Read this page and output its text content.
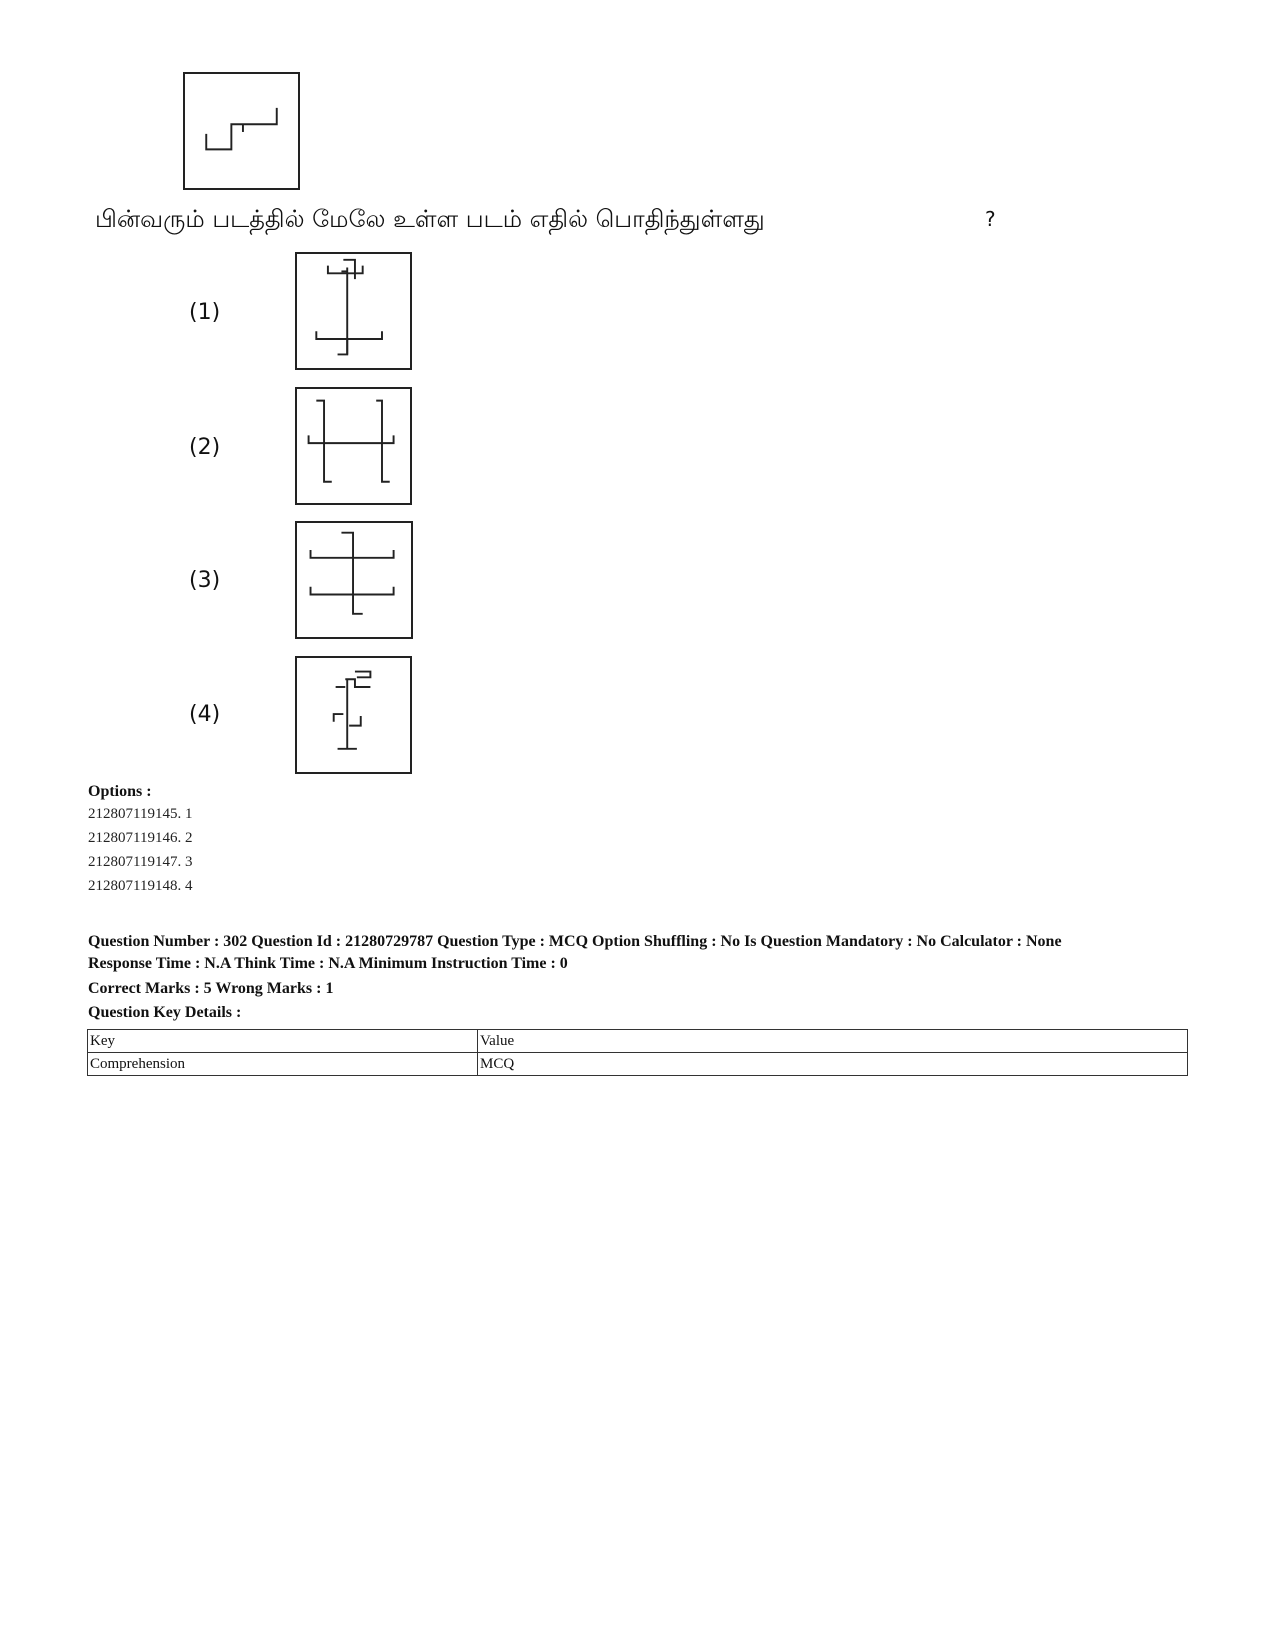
பின்வரும் படத்தில் மேலே உள்ள படம் எதில் பொதிந்துள்ளது	?
(1)
(2)
(3)
(4)
Options :
212807119145. 1
212807119146. 2
212807119147. 3
212807119148. 4
Question Number : 302 Question Id : 21280729787 Question Type : MCQ Option Shuffling : No Is Question Mandatory : No Calculator : None
Response Time : N.A Think Time : N.A Minimum Instruction Time : 0
Correct Marks : 5 Wrong Marks : 1
Question Key Details :
Key	Value
Comprehension	MCQ
